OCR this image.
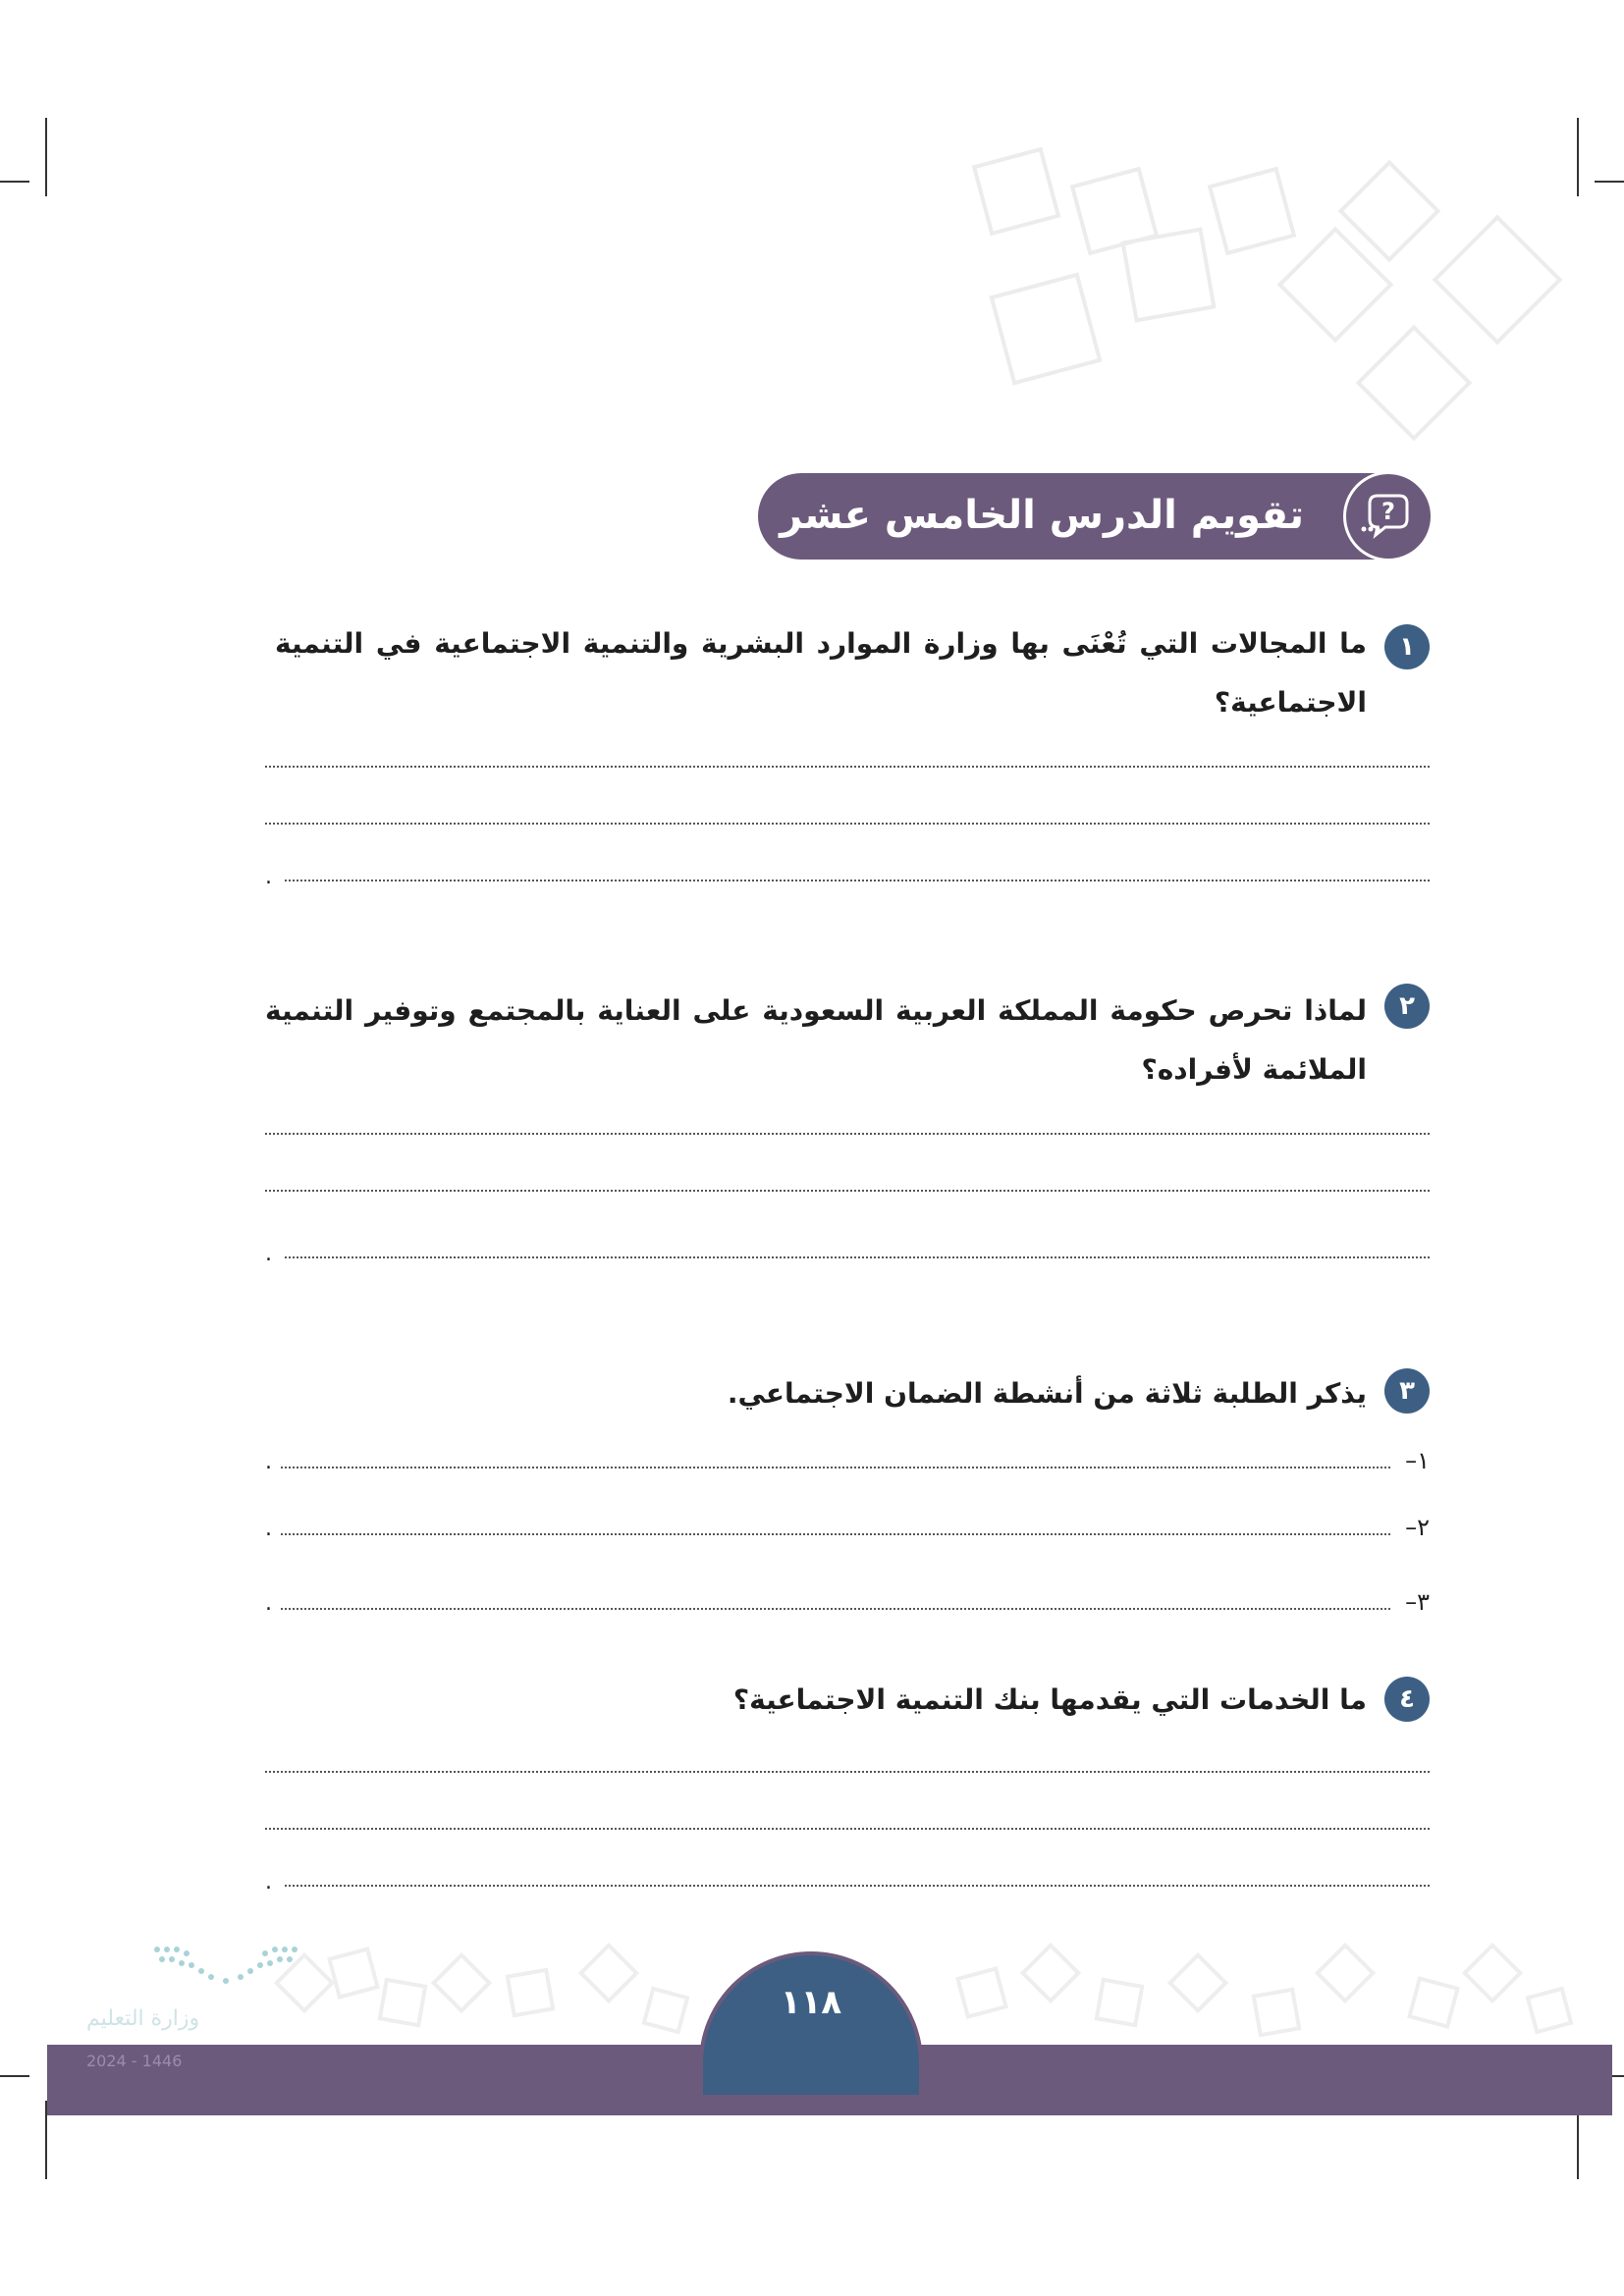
تقويم الدرس الخامس عشر	?
١
ما المجالات التي تُعْنَى بها وزارة الموارد البشرية والتنمية الاجتماعية في التنمية الاجتماعية؟
.
٢
لماذا تحرص حكومة المملكة العربية السعودية على العناية بالمجتمع وتوفير التنمية الملائمة لأفراده؟
.
٣
يذكر الطلبة ثلاثة من أنشطة الضمان الاجتماعي.
١–
.
٢–
.
٣–
.
٤
ما الخدمات التي يقدمها بنك التنمية الاجتماعية؟
.
١١٨
وزارة التعليم
2024 - 1446
